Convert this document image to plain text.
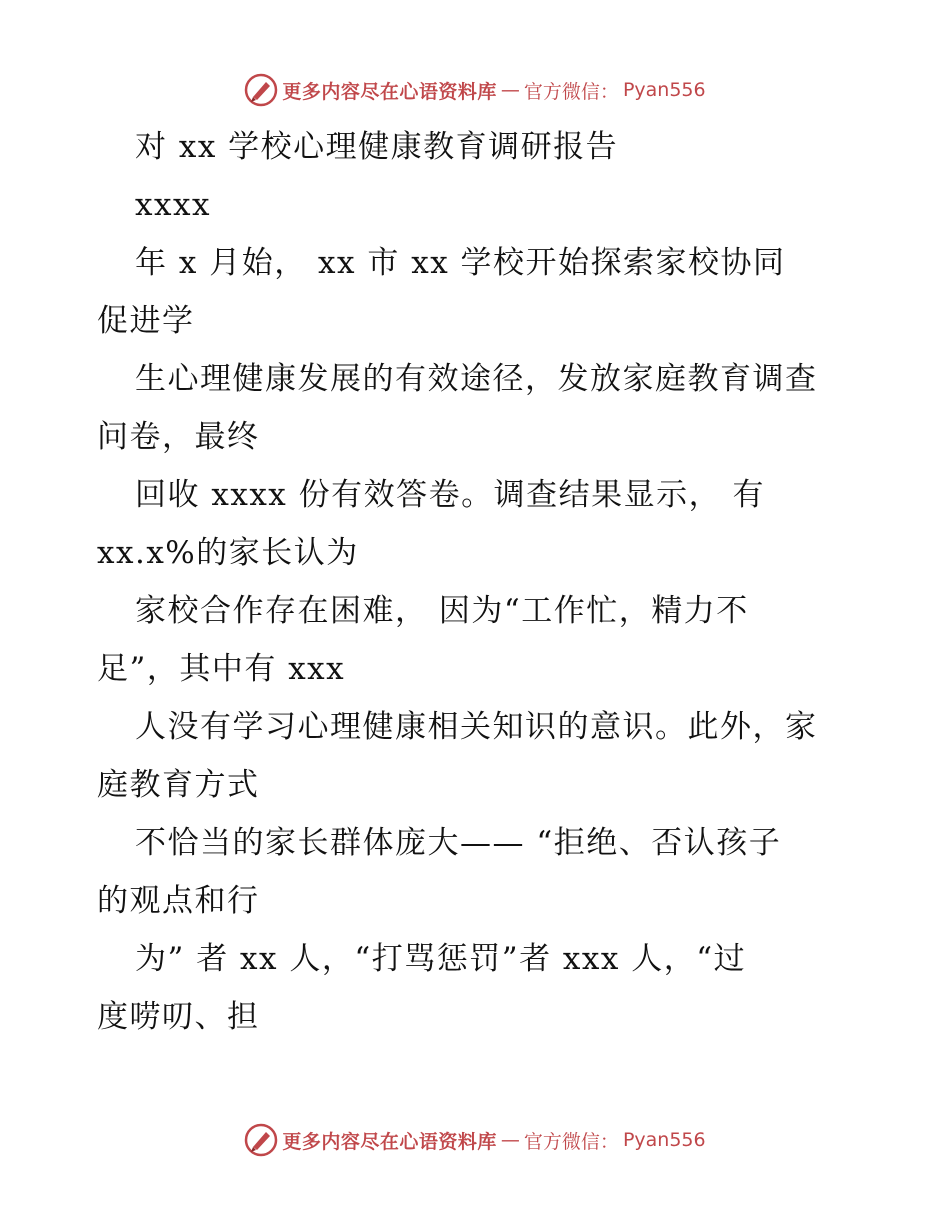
更多内容尽在心语资料库 — 官方微信： Pyan556
对 xx 学校心理健康教育调研报告
xxxx
年 x 月始， xx 市 xx 学校开始探索家校协同
促进学
生心理健康发展的有效途径，发放家庭教育调查
问卷，最终
回收 xxxx 份有效答卷。调查结果显示， 有
xx.x%的家长认为
家校合作存在困难， 因为“工作忙，精力不
足”，其中有 xxx
人没有学习心理健康相关知识的意识。此外，家
庭教育方式
不恰当的家长群体庞大—— “拒绝、否认孩子
的观点和行
为” 者 xx 人，“打骂惩罚”者 xxx 人，“过
度唠叨、担
更多内容尽在心语资料库 — 官方微信： Pyan556
